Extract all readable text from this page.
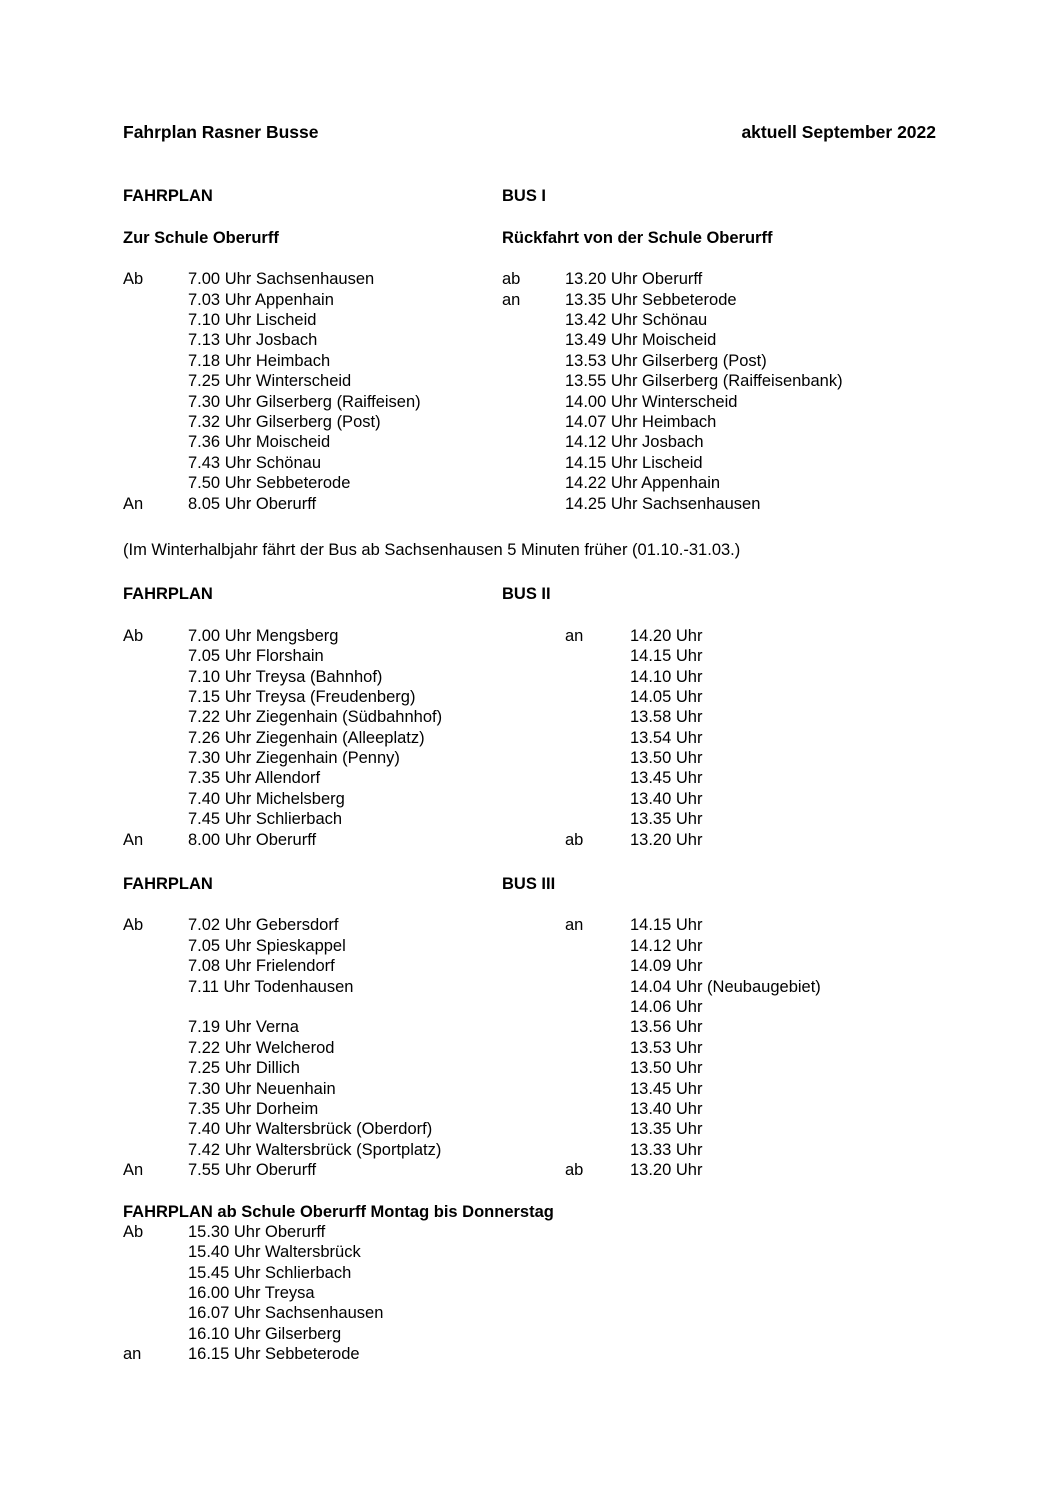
Fahrplan Rasner Busse	aktuell September 2022
FAHRPLAN	BUS I
Zur Schule Oberurff	Rückfahrt von der Schule Oberurff
Ab	7.00 Uhr Sachsenhausen	ab	13.20 Uhr Oberurff
7.03 Uhr Appenhain	an	13.35 Uhr Sebbeterode
7.10 Uhr Lischeid	13.42 Uhr Schönau
7.13 Uhr Josbach	13.49 Uhr Moischeid
7.18 Uhr Heimbach	13.53 Uhr Gilserberg (Post)
7.25 Uhr Winterscheid	13.55 Uhr Gilserberg (Raiffeisenbank)
7.30 Uhr Gilserberg (Raiffeisen)	14.00 Uhr Winterscheid
7.32 Uhr Gilserberg (Post)	14.07 Uhr Heimbach
7.36 Uhr Moischeid	14.12 Uhr Josbach
7.43 Uhr Schönau	14.15 Uhr Lischeid
7.50 Uhr Sebbeterode	14.22 Uhr Appenhain
An	8.05 Uhr Oberurff	14.25 Uhr Sachsenhausen
(Im Winterhalbjahr fährt der Bus ab Sachsenhausen 5 Minuten früher (01.10.-31.03.)
FAHRPLAN	BUS II
Ab	7.00 Uhr Mengsberg	an	14.20 Uhr
7.05 Uhr Florshain	14.15 Uhr
7.10 Uhr Treysa (Bahnhof)	14.10 Uhr
7.15 Uhr Treysa (Freudenberg)	14.05 Uhr
7.22 Uhr Ziegenhain (Südbahnhof)	13.58 Uhr
7.26 Uhr Ziegenhain (Alleeplatz)	13.54 Uhr
7.30 Uhr Ziegenhain (Penny)	13.50 Uhr
7.35 Uhr Allendorf	13.45 Uhr
7.40 Uhr Michelsberg	13.40 Uhr
7.45 Uhr Schlierbach	13.35 Uhr
An	8.00 Uhr Oberurff	ab	13.20 Uhr
FAHRPLAN	BUS III
Ab	7.02 Uhr Gebersdorf	an	14.15 Uhr
7.05 Uhr Spieskappel	14.12 Uhr
7.08 Uhr Frielendorf	14.09 Uhr
7.11 Uhr Todenhausen	14.04 Uhr (Neubaugebiet)
14.06 Uhr
7.19 Uhr Verna	13.56 Uhr
7.22 Uhr Welcherod	13.53 Uhr
7.25 Uhr Dillich	13.50 Uhr
7.30 Uhr Neuenhain	13.45 Uhr
7.35 Uhr Dorheim	13.40 Uhr
7.40 Uhr Waltersbrück (Oberdorf)	13.35 Uhr
7.42 Uhr Waltersbrück (Sportplatz)	13.33 Uhr
An	7.55 Uhr Oberurff	ab	13.20 Uhr
FAHRPLAN ab Schule Oberurff Montag bis Donnerstag
Ab	15.30 Uhr Oberurff
15.40 Uhr Waltersbrück
15.45 Uhr Schlierbach
16.00 Uhr Treysa
16.07 Uhr Sachsenhausen
16.10 Uhr Gilserberg
an	16.15 Uhr Sebbeterode
